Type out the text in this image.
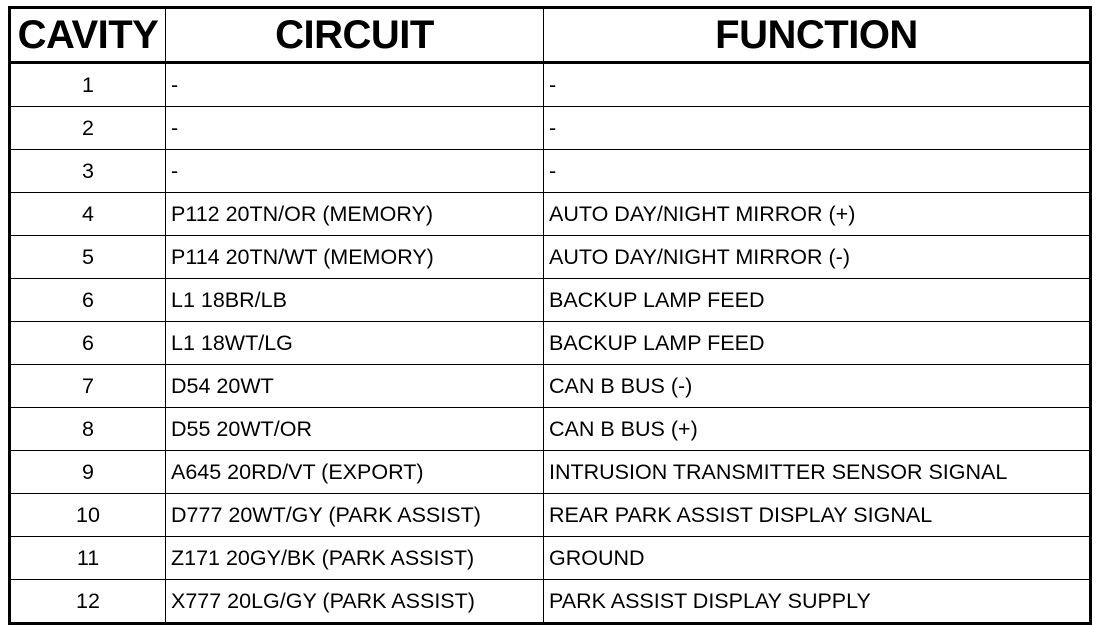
CAVITY	CIRCUIT	FUNCTION
1	-	-
2	-	-
3	-	-
4	P112 20TN/OR (MEMORY)	AUTO DAY/NIGHT MIRROR (+)
5	P114 20TN/WT (MEMORY)	AUTO DAY/NIGHT MIRROR (-)
6	L1 18BR/LB	BACKUP LAMP FEED
6	L1 18WT/LG	BACKUP LAMP FEED
7	D54 20WT	CAN B BUS (-)
8	D55 20WT/OR	CAN B BUS (+)
9	A645 20RD/VT (EXPORT)	INTRUSION TRANSMITTER SENSOR SIGNAL
10	D777 20WT/GY (PARK ASSIST)	REAR PARK ASSIST DISPLAY SIGNAL
11	Z171 20GY/BK (PARK ASSIST)	GROUND
12	X777 20LG/GY (PARK ASSIST)	PARK ASSIST DISPLAY SUPPLY
